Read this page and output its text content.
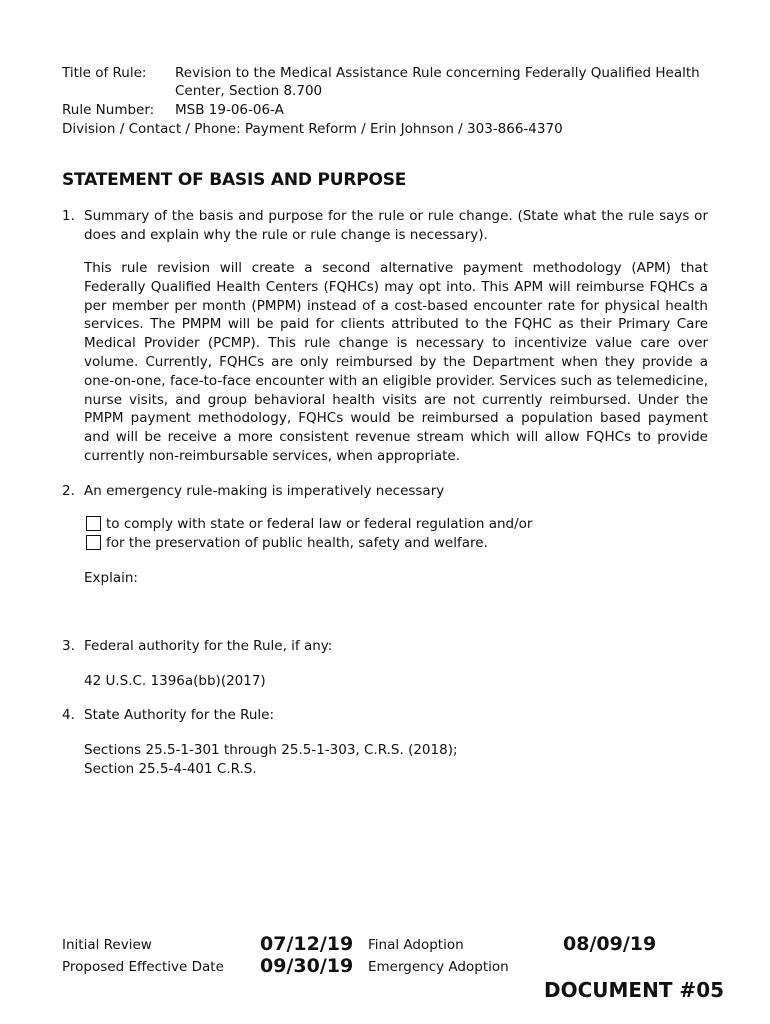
Title of Rule: Revision to the Medical Assistance Rule concerning Federally Qualified Health
Center, Section 8.700
Rule Number: MSB 19-06-06-A
Division / Contact / Phone: Payment Reform / Erin Johnson / 303-866-4370
STATEMENT OF BASIS AND PURPOSE
1. Summary of the basis and purpose for the rule or rule change. (State what the rule says or does and explain why the rule or rule change is necessary).

This rule revision will create a second alternative payment methodology (APM) that Federally Qualified Health Centers (FQHCs) may opt into. This APM will reimburse FQHCs a per member per month (PMPM) instead of a cost-based encounter rate for physical health services. The PMPM will be paid for clients attributed to the FQHC as their Primary Care Medical Provider (PCMP). This rule change is necessary to incentivize value care over volume. Currently, FQHCs are only reimbursed by the Department when they provide a one-on-one, face-to-face encounter with an eligible provider. Services such as telemedicine, nurse visits, and group behavioral health visits are not currently reimbursed. Under the PMPM payment methodology, FQHCs would be reimbursed a population based payment and will be receive a more consistent revenue stream which will allow FQHCs to provide currently non-reimbursable services, when appropriate.

2. An emergency rule-making is imperatively necessary
to comply with state or federal law or federal regulation and/or
for the preservation of public health, safety and welfare.
Explain:
3. Federal authority for the Rule, if any:
42 U.S.C. 1396a(bb)(2017)
4. State Authority for the Rule:
Sections 25.5-1-301 through 25.5-1-303, C.R.S. (2018);
Section 25.5-4-401 C.R.S.
Initial Review	07/12/19 Final Adoption	08/09/19
Proposed Effective Date 09/30/19 Emergency Adoption
DOCUMENT #05
